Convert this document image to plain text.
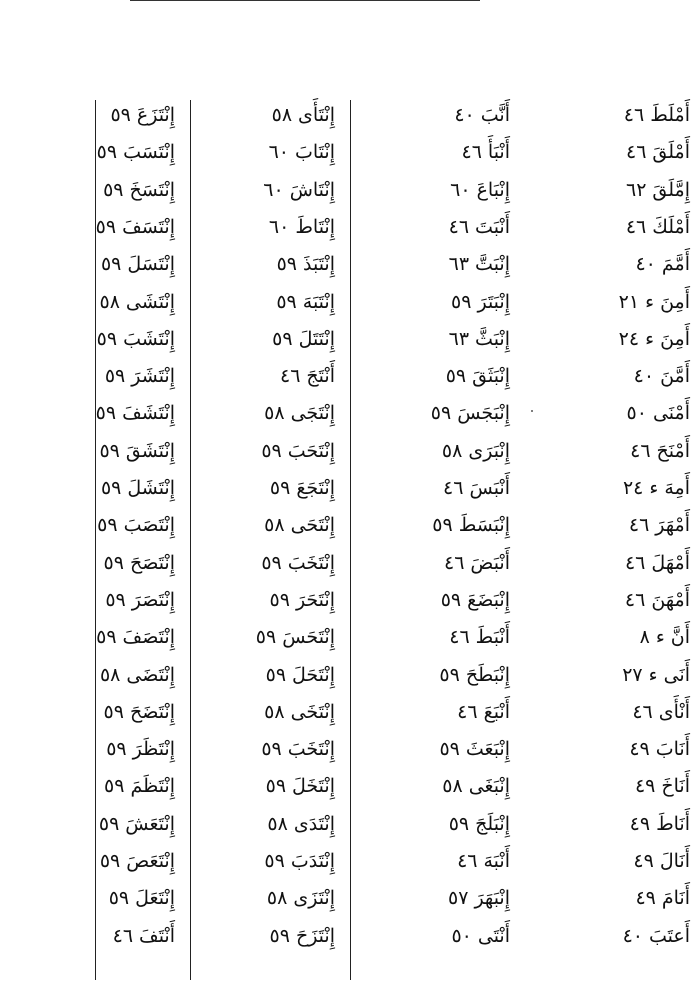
أَمْلَطَ٤٦
أَمْلَقَ٤٦
إِمَّلَقَ٦٢
أَمْلَكَ٤٦
أَمَّمَ٤٠
أَمِنَء ٢١
أَمِنَء ٢٤
أَمَّنَ٤٠
أَمْنَى٥٠
أَمْنَحَ٤٦
أَمِهَء ٢٤
أَمْهَرَ٤٦
أَمْهَلَ٤٦
أَمْهَنَ٤٦
أَنَّء ٨
أَنَىء ٢٧
أَنْأَى٤٦
أَنَابَ٤٩
أَنَاخَ٤٩
أَنَاطَ٤٩
أَنَالَ٤٩
أَنَامَ٤٩
أَعتَبَ٤٠
أَنَّبَ٤٠
أَنْبَأَ٤٦
إِنْبَاعَ٦٠
أَنْبَتَ٤٦
إِنْبَتَّ٦٣
إِنْبَتَرَ٥٩
إِنْبَثَّ٦٣
إِنْبَثَقَ٥٩
إِنْبَجَسَ٥٩
إِنْبَرَى٥٨
أَنْبَسَ٤٦
إِنْبَسَطَ٥٩
أَنْبَضَ٤٦
إِنْبَضَعَ٥٩
أَنْبَطَ٤٦
إِنْبَطَحَ٥٩
أَنْبَعَ٤٦
إِنْبَعَثَ٥٩
إِنْبَغَى٥٨
إِنْبَلَجَ٥٩
أَنْبَهَ٤٦
إِنْبَهَرَ٥٧
أَنْتَى٥٠
إِنْتَأَى٥٨
إِنْتَابَ٦٠
إِنْتَاشَ٦٠
إِنْتَاطَ٦٠
إِنْتَبَذَ٥٩
إِنْتَبَهَ٥٩
إِنْتَتَلَ٥٩
أَنْتَجَ٤٦
إِنْتَجَى٥٨
إِنْتَحَبَ٥٩
إِنْتَجَعَ٥٩
إِنْتَحَى٥٨
إِنْتَخَبَ٥٩
إِنْتَحَرَ٥٩
إِنْتَحَسَ٥٩
إِنْتَحَلَ٥٩
إِنْتَخَى٥٨
إِنْتَخَبَ٥٩
إِنْتَخَلَ٥٩
إِنْتَدَى٥٨
إِنْتَدَبَ٥٩
إِنْتَزَى٥٨
إِنْتَزَحَ٥٩
إِنْتَزَعَ٥٩
إِنْتَسَبَ٥٩
إِنْتَسَخَ٥٩
إِنْتَسَفَ٥٩
إِنْتَسَلَ٥٩
إِنْتَشَى٥٨
إِنْتَشَبَ٥٩
إِنْتَشَرَ٥٩
إِنْتَشَفَ٥٩
إِنْتَشَقَ٥٩
إِنْتَشَلَ٥٩
إِنْتَصَبَ٥٩
إِنْتَصَحَ٥٩
إِنْتَصَرَ٥٩
إِنْتَصَفَ٥٩
إِنْتَضَى٥٨
إِنْتَضَحَ٥٩
إِنْتَظَرَ٥٩
إِنْتَظَمَ٥٩
إِنْتَعَشَ٥٩
إِنْتَعَصَ٥٩
إِنْتَعَلَ٥٩
أَنْتَفَ٤٦
